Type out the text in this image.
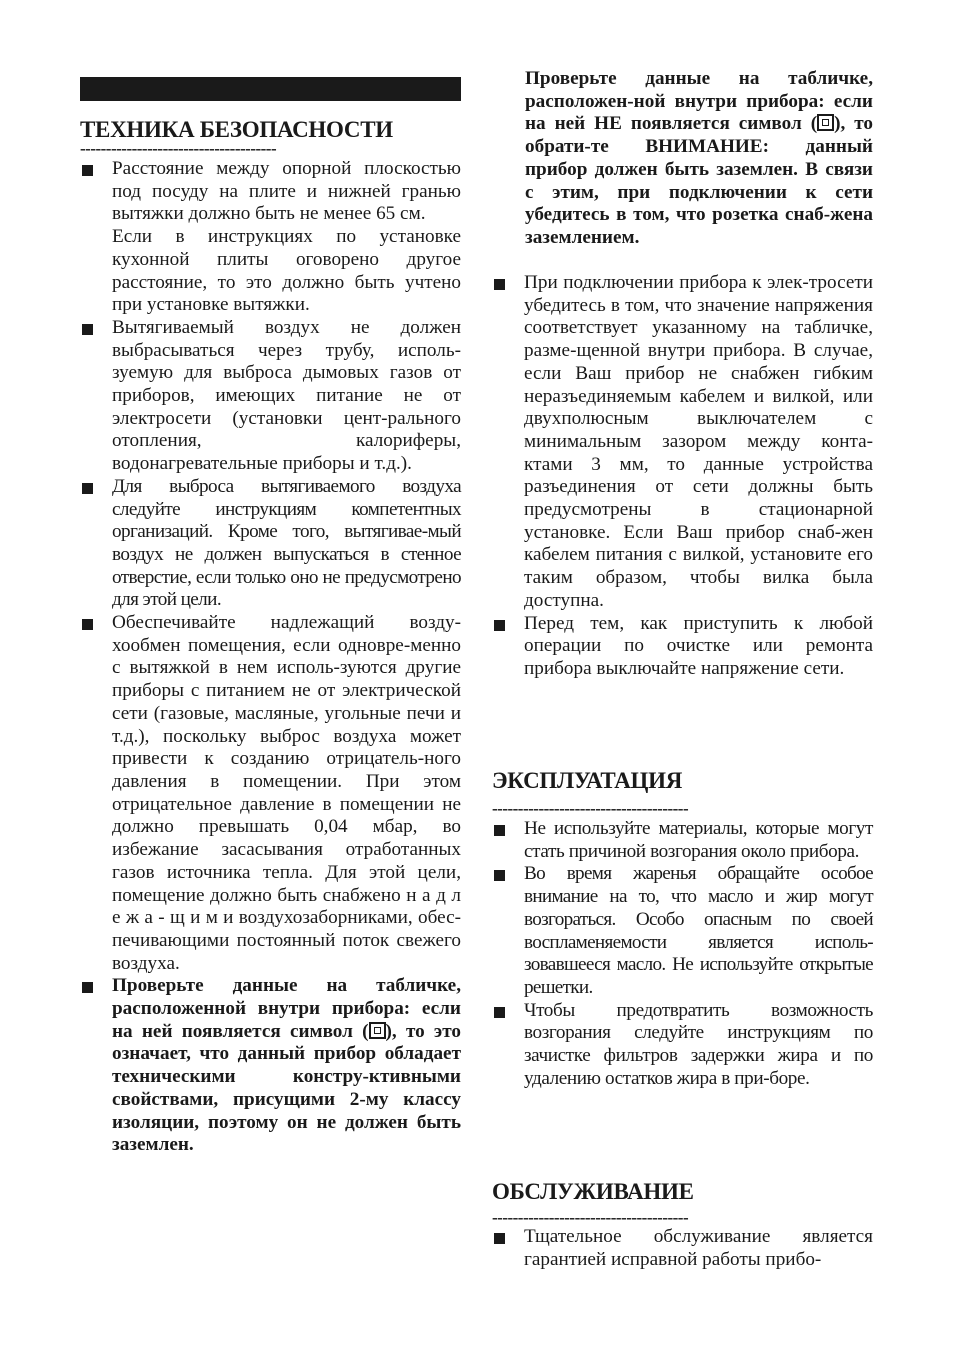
ТЕХНИКА БЕЗОПАСНОСТИ
--------------------------------------

Расстояние между опорной плоскостью под посуду на плите и нижней гранью вытяжки должно быть не менее 65 см.

Если в инструкциях по установке кухонной плиты оговорено другое расстояние, то это должно быть учтено при установке вытяжки.

Вытягиваемый воздух не должен выбрасываться через трубу, исполь-зуемую для выброса дымовых газов от приборов, имеющих питание не от электросети (установки цент-рального отопления, калориферы, водонагревательные приборы и т.д.).

Для выброса вытягиваемого воздуха следуйте инструкциям компетентных организаций. Кроме того, вытягивае-мый воздух не должен выпускаться в стенное отверстие, если только оно не предусмотрено для этой цели.

Обеспечивайте надлежащий возду-хообмен помещения, если одновре-менно с вытяжкой в нем исполь-зуются другие приборы с питанием не от электрической сети (газовые, масляные, угольные печи и т.д.), поскольку выброс воздуха может привести к созданию отрицатель-ного давления в помещении. При этом отрицательное давление в помещении не должно превышать 0,04 мбар, во избежание засасывания отработанных газов источника тепла. Для этой цели, помещение должно быть снабжено н а д л е ж а - щ и м и воздухозаборниками, обес-печивающими постоянный поток свежего воздуха.

Проверьте данные на табличке, расположенной внутри прибора: если на ней появляется символ ( ), то это означает, что данный прибор обладает техническими констру-ктивными свойствами, присущими 2-му классу изоляции, поэтому он не должен быть заземлен.

Проверьте данные на табличке, расположен-ной внутри прибора: если на ней НЕ появляется символ ( ), то обрати-те ВНИМАНИЕ: данный прибор должен быть заземлен. В связи с этим, при подключении к сети убедитесь в том, что розетка снаб-жена заземлением.

При подключении прибора к элек-тросети убедитесь в том, что значение напряжения соответствует указанному на табличке, разме-щенной внутри прибора. В случае, если Ваш прибор не снабжен гибким неразъединяемым кабелем и вилкой, или двухполюсным выключателем с минимальным зазором между конта-ктами 3 мм, то данные устройства разъединения от сети должны быть предусмотрены в стационарной установке. Если Ваш прибор снаб-жен кабелем питания с вилкой, установите его таким образом, чтобы вилка была доступна.

Перед тем, как приступить к любой операции по очистке или ремонта прибора выключайте напряжение сети.

ЭКСПЛУАТАЦИЯ
--------------------------------------

Не используйте материалы, которые могут стать причиной возгорания около прибора.

Во время жаренья обращайте особое внимание на то, что масло и жир могут возгораться. Особо опасным по своей воспламеняемости является исполь-зовавшееся масло. Не используйте открытые решетки.

Чтобы предотвратить возможность возгорания следуйте инструкциям по зачистке фильтров задержки жира и по удалению остатков жира в при-боре.

ОБСЛУЖИВАНИЕ
--------------------------------------

Тщательное обслуживание является гарантией исправной работы прибо-
